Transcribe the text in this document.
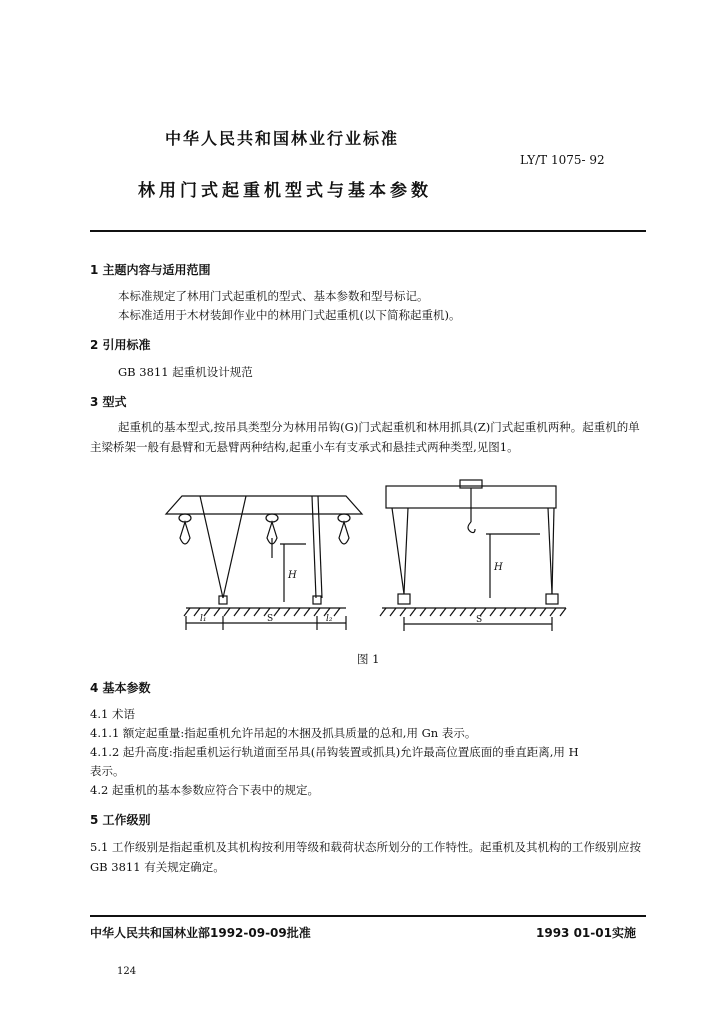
中华人民共和国林业行业标准
LY/T 1075- 92
林用门式起重机型式与基本参数
1 主题内容与适用范围
本标准规定了林用门式起重机的型式、基本参数和型号标记。
本标准适用于木材装卸作业中的林用门式起重机(以下简称起重机)。
2 引用标准
GB 3811 起重机设计规范
3 型式
起重机的基本型式,按吊具类型分为林用吊钩(G)门式起重机和林用抓具(Z)门式起重机两种。起重机的单主梁桥架一般有悬臂和无悬臂两种结构,起重小车有支承式和悬挂式两种类型,见图1。
H
H
S	S
l₁	l₂
图 1
4 基本参数
4.1 术语
4.1.1 额定起重量:指起重机允许吊起的木捆及抓具质量的总和,用 Gn 表示。
4.1.2 起升高度:指起重机运行轨道面至吊具(吊钩装置或抓具)允许最高位置底面的垂直距离,用 H
表示。
4.2 起重机的基本参数应符合下表中的规定。
5 工作级别
5.1 工作级别是指起重机及其机构按利用等级和载荷状态所划分的工作特性。起重机及其机构的工作级别应按 GB 3811 有关规定确定。
中华人民共和国林业部1992-09-09批准	1993 01-01实施
124
